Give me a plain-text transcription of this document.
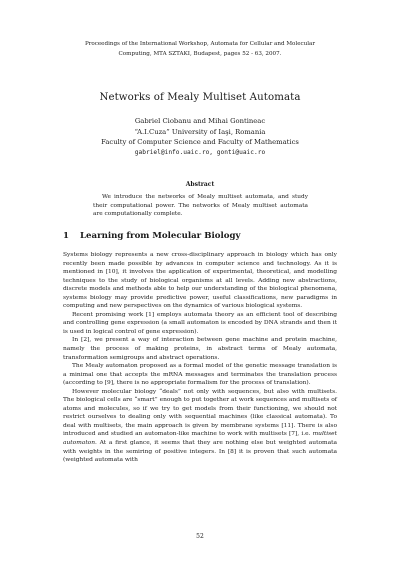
Proceedings of the International Workshop, Automata for Cellular and Molecular
Computing, MTA SZTAKI, Budapest, pages 52 - 63, 2007.
Networks of Mealy Multiset Automata
Gabriel Ciobanu and Mihai Gontineac
“A.I.Cuza” University of Iaşi, Romania
Faculty of Computer Science and Faculty of Mathematics
gabriel@info.uaic.ro, gonti@uaic.ro
Abstract
We introduce the networks of Mealy multiset automata, and study their computational power. The networks of Mealy multiset automata are computationally complete.
1 Learning from Molecular Biology

Systems biology represents a new cross-disciplinary approach in biology which has only recently been made possible by advances in computer science and technology. As it is mentioned in [10], it involves the application of experimental, theoretical, and modelling techniques to the study of biological organisms at all levels. Adding new abstractions, discrete models and methods able to help our understanding of the biological phenomena, systems biology may provide predictive power, useful classifications, new paradigms in computing and new perspectives on the dynamics of various biological systems.

Recent promising work [1] employs automata theory as an efficient tool of describing and controlling gene expression (a small automaton is encoded by DNA strands and then it is used in logical control of gene expression).

In [2], we present a way of interaction between gene machine and protein machine, namely the process of making proteins, in abstract terms of Mealy automata, transformation semigroups and abstract operations.

The Mealy automaton proposed as a formal model of the genetic message translation is a minimal one that accepts the mRNA messages and terminates the translation process (according to [9], there is no appropriate formalism for the process of translation).

However molecular biology “deals” not only with sequences, but also with multisets. The biological cells are “smart” enough to put together at work sequences and multisets of atoms and molecules, so if we try to get models from their functioning, we should not restrict ourselves to dealing only with sequential machines (like classical automata). To deal with multisets, the main approach is given by membrane systems [11]. There is also introduced and studied an automaton-like machine to work with multisets [7], i.e. multiset automaton. At a first glance, it seems that they are nothing else but weighted automata with weights in the semiring of positive integers. In [8] it is proven that such automata (weighted automata with

52
